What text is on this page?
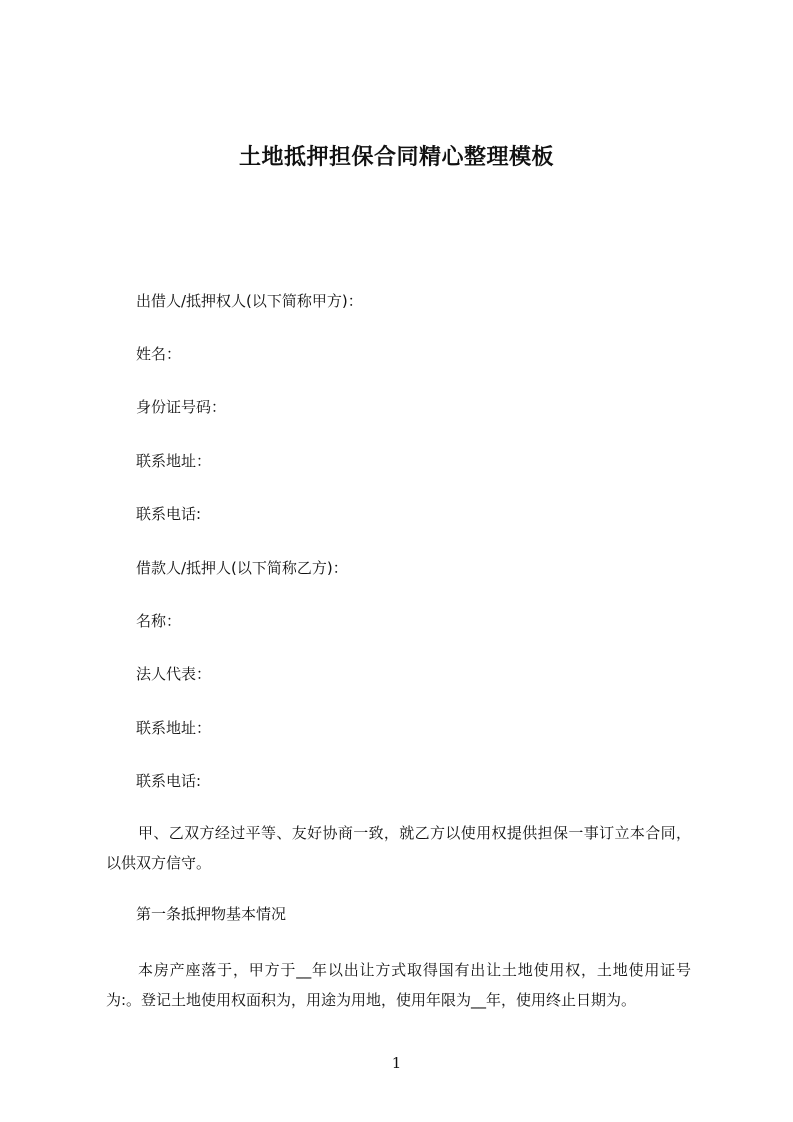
土地抵押担保合同精心整理模板
出借人/抵押权人(以下简称甲方)：
姓名：
身份证号码：
联系地址：
联系电话:
借款人/抵押人(以下简称乙方)：
名称：
法人代表：
联系地址：
联系电话:
甲、乙双方经过平等、友好协商一致，就乙方以使用权提供担保一事订立本合同，以供双方信守。
第一条抵押物基本情况
本房产座落于，甲方于__年以出让方式取得国有出让土地使用权，土地使用证号为:。登记土地使用权面积为，用途为用地，使用年限为__年，使用终止日期为。
1
